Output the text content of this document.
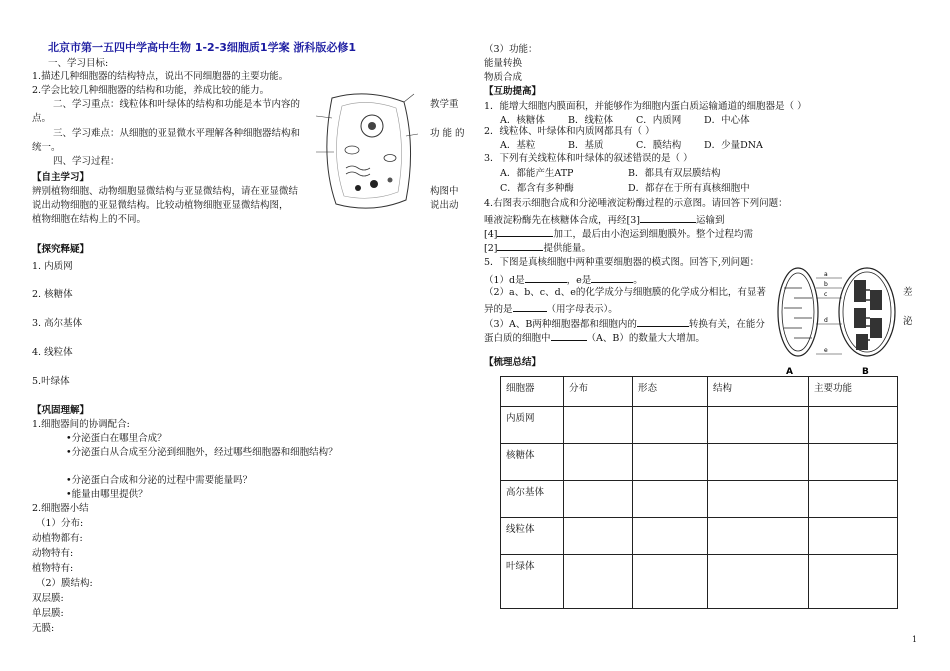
北京市第一五四中学高中生物 1-2-3细胞质1学案 浙科版必修1
一、学习目标:
1.描述几种细胞器的结构特点，说出不同细胞器的主要功能。
2.学会比较几种细胞器的结构和功能，养成比较的能力。
二、学习重点：线粒体和叶绿体的结构和功能是本节内容的	教学重
点。
三、学习难点：从细胞的亚显微水平理解各种细胞器结构和	功 能 的
统一。
四、学习过程：
【自主学习】
辨别植物细胞、动物细胞显微结构与亚显微结构，请在亚显微结	构图中
说出动物细胞的亚显微结构。比较动植物细胞亚显微结构图，	说出动
植物细胞在结构上的不同。
【探究释疑】
1. 内质网
2. 核糖体
3. 高尔基体
4. 线粒体
5.叶绿体
【巩固理解】
1.细胞器间的协调配合:
•分泌蛋白在哪里合成？
•分泌蛋白从合成至分泌到细胞外，经过哪些细胞器和细胞结构？
•分泌蛋白合成和分泌的过程中需要能量吗？
•能量由哪里提供？
2.细胞器小结
（1）分布:
动植物都有:
动物特有:
植物特有:
（2）膜结构:
双层膜:
单层膜:
无膜:
（3）功能：
能量转换
物质合成
【互助提高】
1．能增大细胞内膜面积，并能够作为细胞内蛋白质运输通道的细胞器是（ ）
A．核糖体 B．线粒体 C．内质网 D．中心体
2．线粒体、叶绿体和内质网都具有（ ）
A．基粒	B．基质	C．膜结构 D．少量DNA
3．下列有关线粒体和叶绿体的叙述错误的是（ ）
A．都能产生ATP	B．都具有双层膜结构
C．都含有多种酶	D．都存在于所有真核细胞中
4.右图表示细胞合成和分泌唾液淀粉酶过程的示意图。请回答下列问题：
唾液淀粉酶先在核糖体合成，再经[3]	运输到
[4]	加工，最后由小泡运到细胞膜外。整个过程均需
[2]	提供能量。
5．下图是真核细胞中两种重要细胞器的模式图。回答下,列问题：
（1）d是	，e是	。
（2）a、b、c、d、e的化学成分与细胞膜的化学成分相比，有显著	差
异的是	（用字母表示）。
（3）A、B两种细胞器都和细胞内的	转换有关，在能分	泌
蛋白质的细胞中	（A、B）的数量大大增加。
a
b
c
d
e
A	B
【梳理总结】
细胞器	分布	形态	结构	主要功能
内质网				
核糖体				
高尔基体				
线粒体				
叶绿体				
1
